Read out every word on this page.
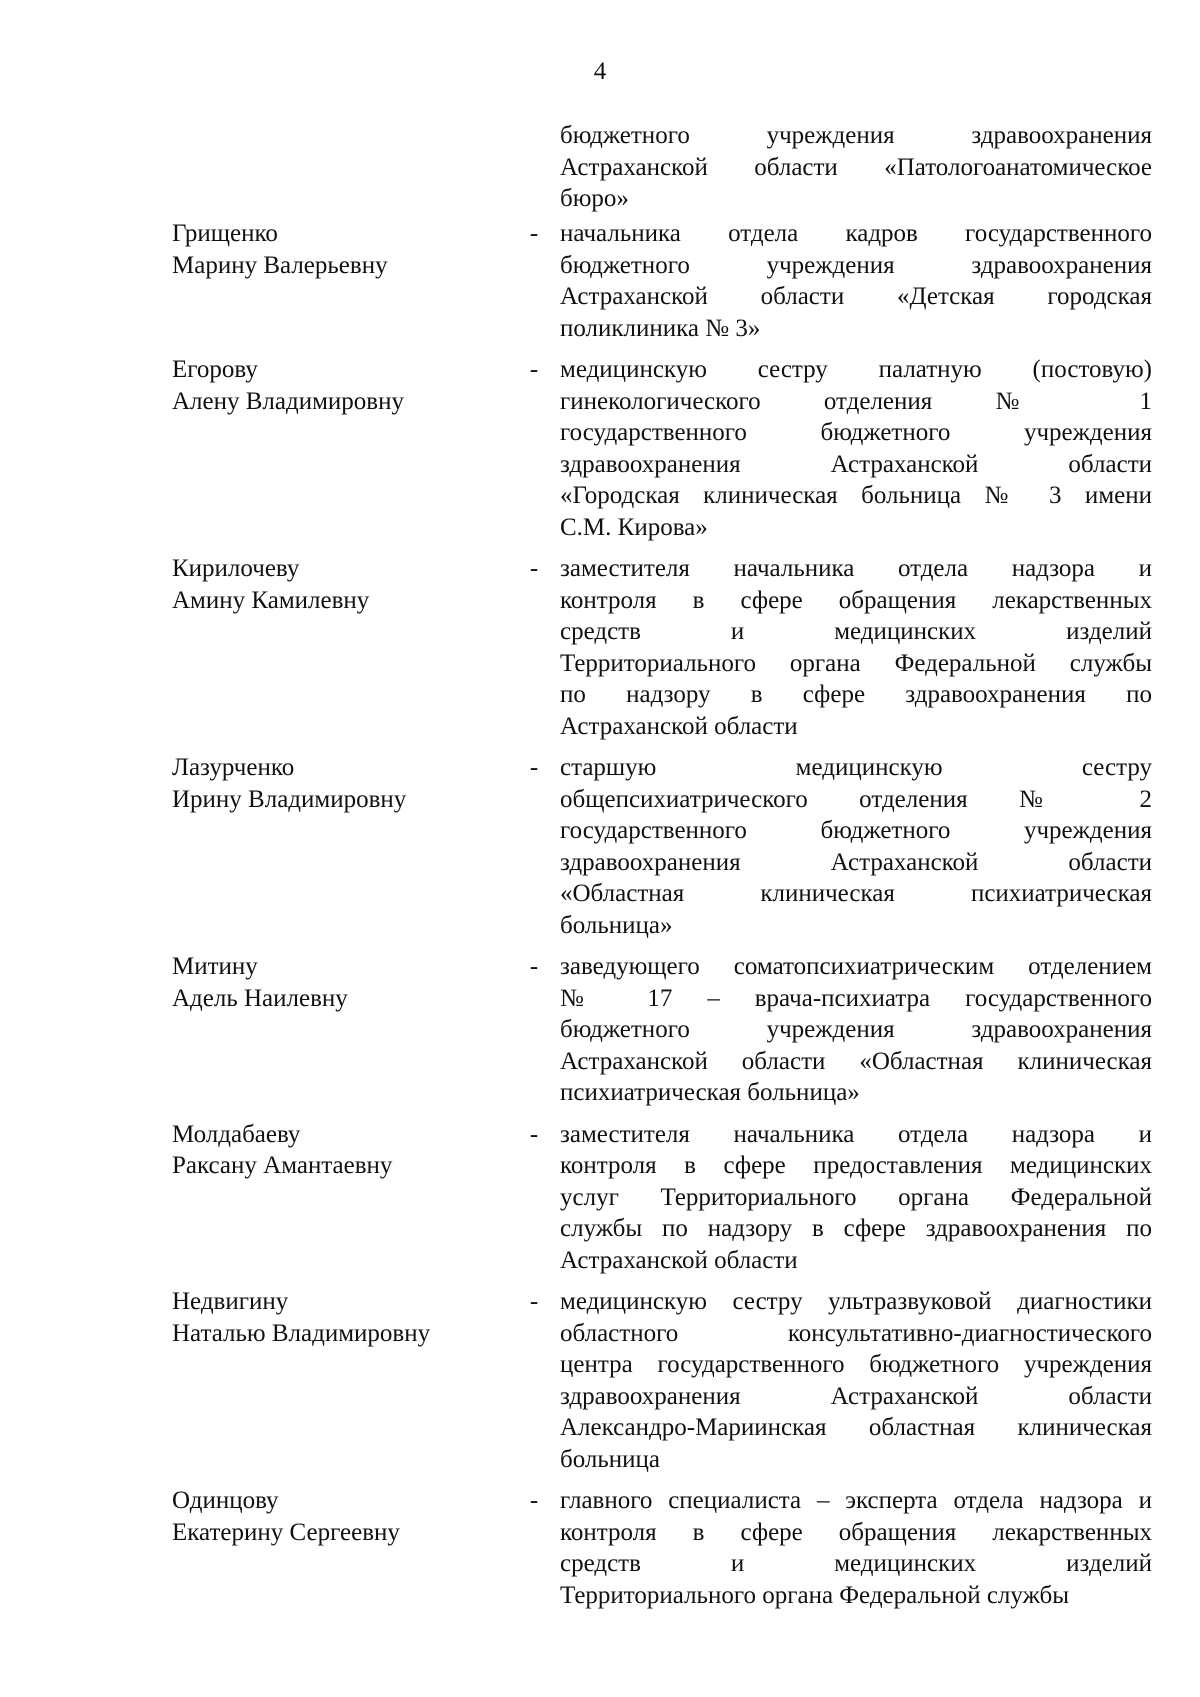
4
бюджетного учреждения здравоохранения
Астраханской области «Патологоанатомическое
бюро»
Грищенко
Марину Валерьевну
- начальника отдела кадров государственного
бюджетного учреждения здравоохранения
Астраханской области «Детская городская
поликлиника № 3»
Егорову
Алену Владимировну
- медицинскую сестру палатную (постовую)
гинекологического отделения № 1
государственного бюджетного учреждения
здравоохранения Астраханской области
«Городская клиническая больница № 3 имени
С.М. Кирова»
Кирилочеву
Амину Камилевну
- заместителя начальника отдела надзора и
контроля в сфере обращения лекарственных
средств и медицинских изделий
Территориального органа Федеральной службы
по надзору в сфере здравоохранения по
Астраханской области
Лазурченко
Ирину Владимировну
- старшую медицинскую сестру
общепсихиатрического отделения № 2
государственного бюджетного учреждения
здравоохранения Астраханской области
«Областная клиническая психиатрическая
больница»
Митину
Адель Наилевну
- заведующего соматопсихиатрическим отделением
№ 17 – врача-психиатра государственного
бюджетного учреждения здравоохранения
Астраханской области «Областная клиническая
психиатрическая больница»
Молдабаеву
Раксану Амантаевну
- заместителя начальника отдела надзора и
контроля в сфере предоставления медицинских
услуг Территориального органа Федеральной
службы по надзору в сфере здравоохранения по
Астраханской области
Недвигину
Наталью Владимировну
- медицинскую сестру ультразвуковой диагностики
областного консультативно-диагностического
центра государственного бюджетного учреждения
здравоохранения Астраханской области
Александро-Мариинская областная клиническая
больница
Одинцову
Екатерину Сергеевну
- главного специалиста – эксперта отдела надзора и
контроля в сфере обращения лекарственных
средств и медицинских изделий
Территориального органа Федеральной службы
